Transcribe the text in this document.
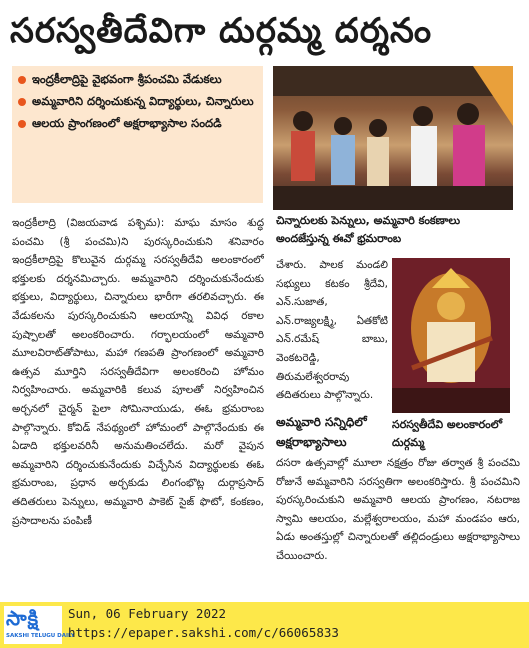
సరస్వతీదేవిగా దుర్గమ్మ దర్శనం
ఇంద్రకీలాద్రిపై వైభవంగా శ్రీపంచమి వేడుకలు
అమ్మవారిని దర్శించుకున్న విద్యార్థులు, చిన్నారులు
ఆలయ ప్రాంగణంలో అక్షరాభ్యాసాల సందడి
చిన్నారులకు పెన్నులు, అమ్మవారి కంకణాలు అందజేస్తున్న ఈవో భ్రమరాంబ

ఇంద్రకీలాద్రి (విజయవాడ పశ్చిమ): మాఘ మాసం శుద్ధ పంచమి (శ్రీ పంచమి)ని పురస్కరించుకుని శనివారం ఇంద్రకీలాద్రిపై కొలువైన దుర్గమ్మ సరస్వతీదేవి అలంకారంలో భక్తులకు దర్శనమిచ్చారు. అమ్మవారిని దర్శించుకునేందుకు భక్తులు, విద్యార్థులు, చిన్నారులు భారీగా తరలివచ్చారు. ఈ వేడుకలను పురస్కరించుకుని ఆలయాన్ని వివిధ రకాల పుష్పాలతో అలంకరించారు. గర్భాలయంలో అమ్మవారి మూలవిరాట్‌తోపాటు, మహా గణపతి ప్రాంగణంలో అమ్మవారి ఉత్సవ మూర్తిని సరస్వతీదేవిగా అలంకరించి హోమం నిర్వహించారు. అమ్మవారికి కలువ పూలతో నిర్వహించిన అర్చనలో చైర్మన్ పైలా సోమినాయుడు, ఈఓ భ్రమరాంబ పాల్గొన్నారు. కోవిడ్ నేపథ్యంలో హోమంలో పాల్గొనేందుకు ఈ ఏడాది భక్తులవరినీ అనుమతించలేదు. మరో వైపున అమ్మవారిని దర్శించుకునేందుకు విచ్చేసిన విద్యార్థులకు ఈఓ భ్రమరాంబ, ప్రధాన అర్చకుడు లింగంభొట్ల దుర్గాప్రసాద్ తదితరులు పెన్నులు, అమ్మవారి పాకెట్ సైజ్ ఫొటో, కంకణం, ప్రసాదాలను పంపిణీ

చేశారు. పాలక మండలి సభ్యులు కటకం శ్రీదేవి, ఎన్.సుజాత, ఎన్.రాజ్యలక్ష్మి, ఏతకోటి ఎన్.రమేష్ బాబు, వెంకటరెడ్డి, తిరుమలేశ్వరరావు తదితరులు పాల్గొన్నారు.

సరస్వతీదేవి అలంకారంలో దుర్గమ్మ
అమ్మవారి సన్నిధిలో అక్షరాభ్యాసాలు

దసరా ఉత్సవాల్లో మూలా నక్షత్రం రోజు తర్వాత శ్రీ పంచమి రోజునే అమ్మవారిని సరస్వతిగా అలంకరిస్తారు. శ్రీ పంచమిని పురస్కరించుకుని అమ్మవారి ఆలయ ప్రాంగణం, నటరాజ స్వామి ఆలయం, మల్లేశ్వరాలయం, మహా మండపం ఆరు, ఏడు అంతస్తుల్లో చిన్నారులతో తల్లిదండ్రులు అక్షరాభ్యాసాలు చేయించారు.

సాక్షి
SAKSHI TELUGU DAILY
Sun, 06 February 2022
https://epaper.sakshi.com/c/66065833
